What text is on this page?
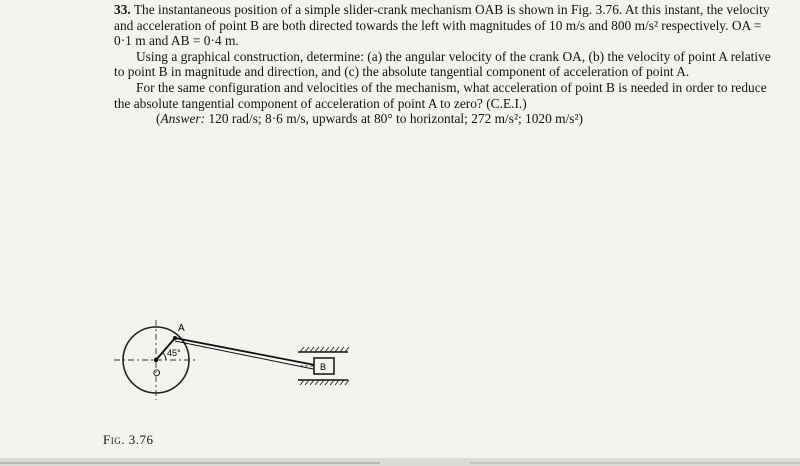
33. The instantaneous position of a simple slider-crank mechanism OAB is shown in Fig. 3.76. At this instant, the velocity and acceleration of point B are both directed towards the left with magnitudes of 10 m/s and 800 m/s² respectively. OA = 0·1 m and AB = 0·4 m.

Using a graphical construction, determine: (a) the angular velocity of the crank OA, (b) the velocity of point A relative to point B in magnitude and direction, and (c) the absolute tangential component of acceleration of point A.

For the same configuration and velocities of the mechanism, what acceleration of point B is needed in order to reduce the absolute tangential component of acceleration of point A to zero? (C.E.I.)

(Answer: 120 rad/s; 8·6 m/s, upwards at 80° to horizontal; 272 m/s²; 1020 m/s²)

A
O
B
45°
Fig. 3.76
